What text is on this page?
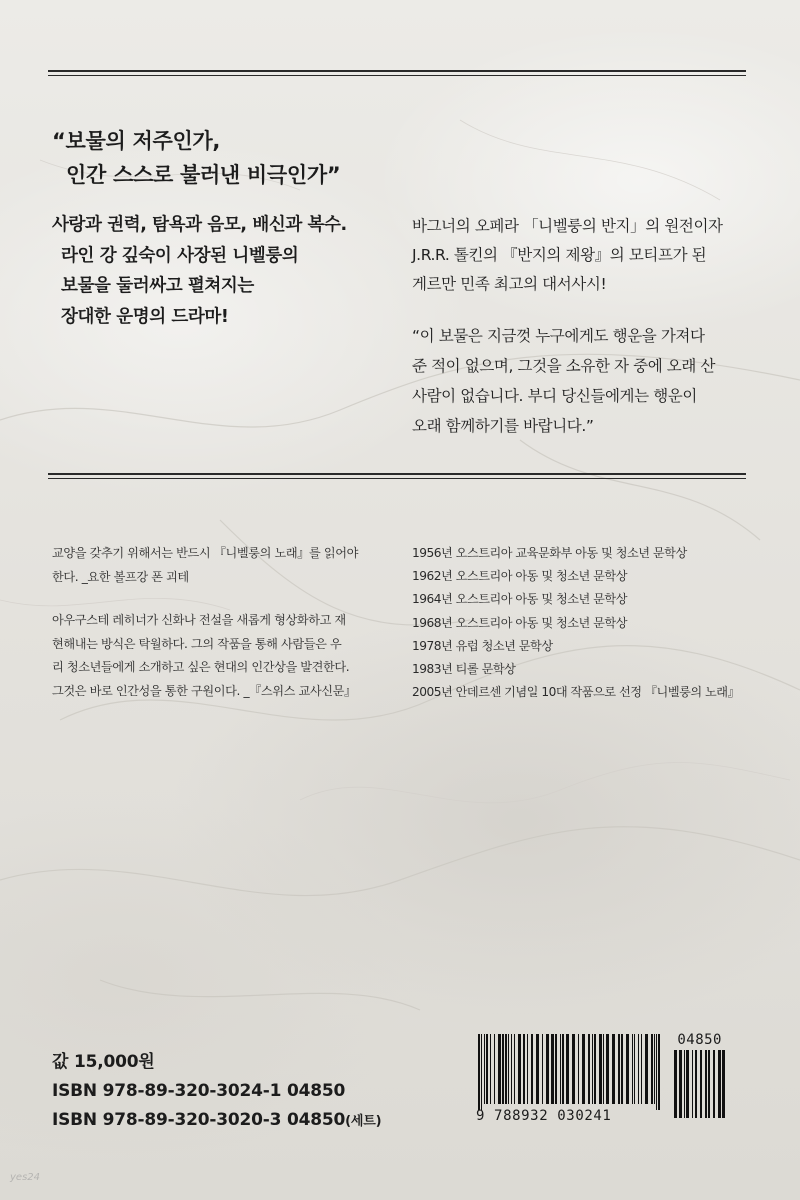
“보물의 저주인가,
인간 스스로 불러낸 비극인가”
사랑과 권력, 탐욕과 음모, 배신과 복수.
라인 강 깊숙이 사장된 니벨룽의
보물을 둘러싸고 펼쳐지는
장대한 운명의 드라마!
바그너의 오페라 「니벨룽의 반지」의 원전이자
J.R.R. 톨킨의 『반지의 제왕』의 모티프가 된
게르만 민족 최고의 대서사시!
“이 보물은 지금껏 누구에게도 행운을 가져다
준 적이 없으며, 그것을 소유한 자 중에 오래 산
사람이 없습니다. 부디 당신들에게는 행운이
오래 함께하기를 바랍니다.”
교양을 갖추기 위해서는 반드시 『니벨룽의 노래』를 읽어야
한다. _요한 볼프강 폰 괴테
아우구스테 레히너가 신화나 전설을 새롭게 형상화하고 재
현해내는 방식은 탁월하다. 그의 작품을 통해 사람들은 우
리 청소년들에게 소개하고 싶은 현대의 인간상을 발견한다.
그것은 바로 인간성을 통한 구원이다. _『스위스 교사신문』
1956년 오스트리아 교육문화부 아동 및 청소년 문학상
1962년 오스트리아 아동 및 청소년 문학상
1964년 오스트리아 아동 및 청소년 문학상
1968년 오스트리아 아동 및 청소년 문학상
1978년 유럽 청소년 문학상
1983년 티롤 문학상
2005년 안데르센 기념일 10대 작품으로 선정 『니벨룽의 노래』
값 15,000원
ISBN 978-89-320-3024-1 04850
ISBN 978-89-320-3020-3 04850(세트)
04850
9 788932 030241
yes24
